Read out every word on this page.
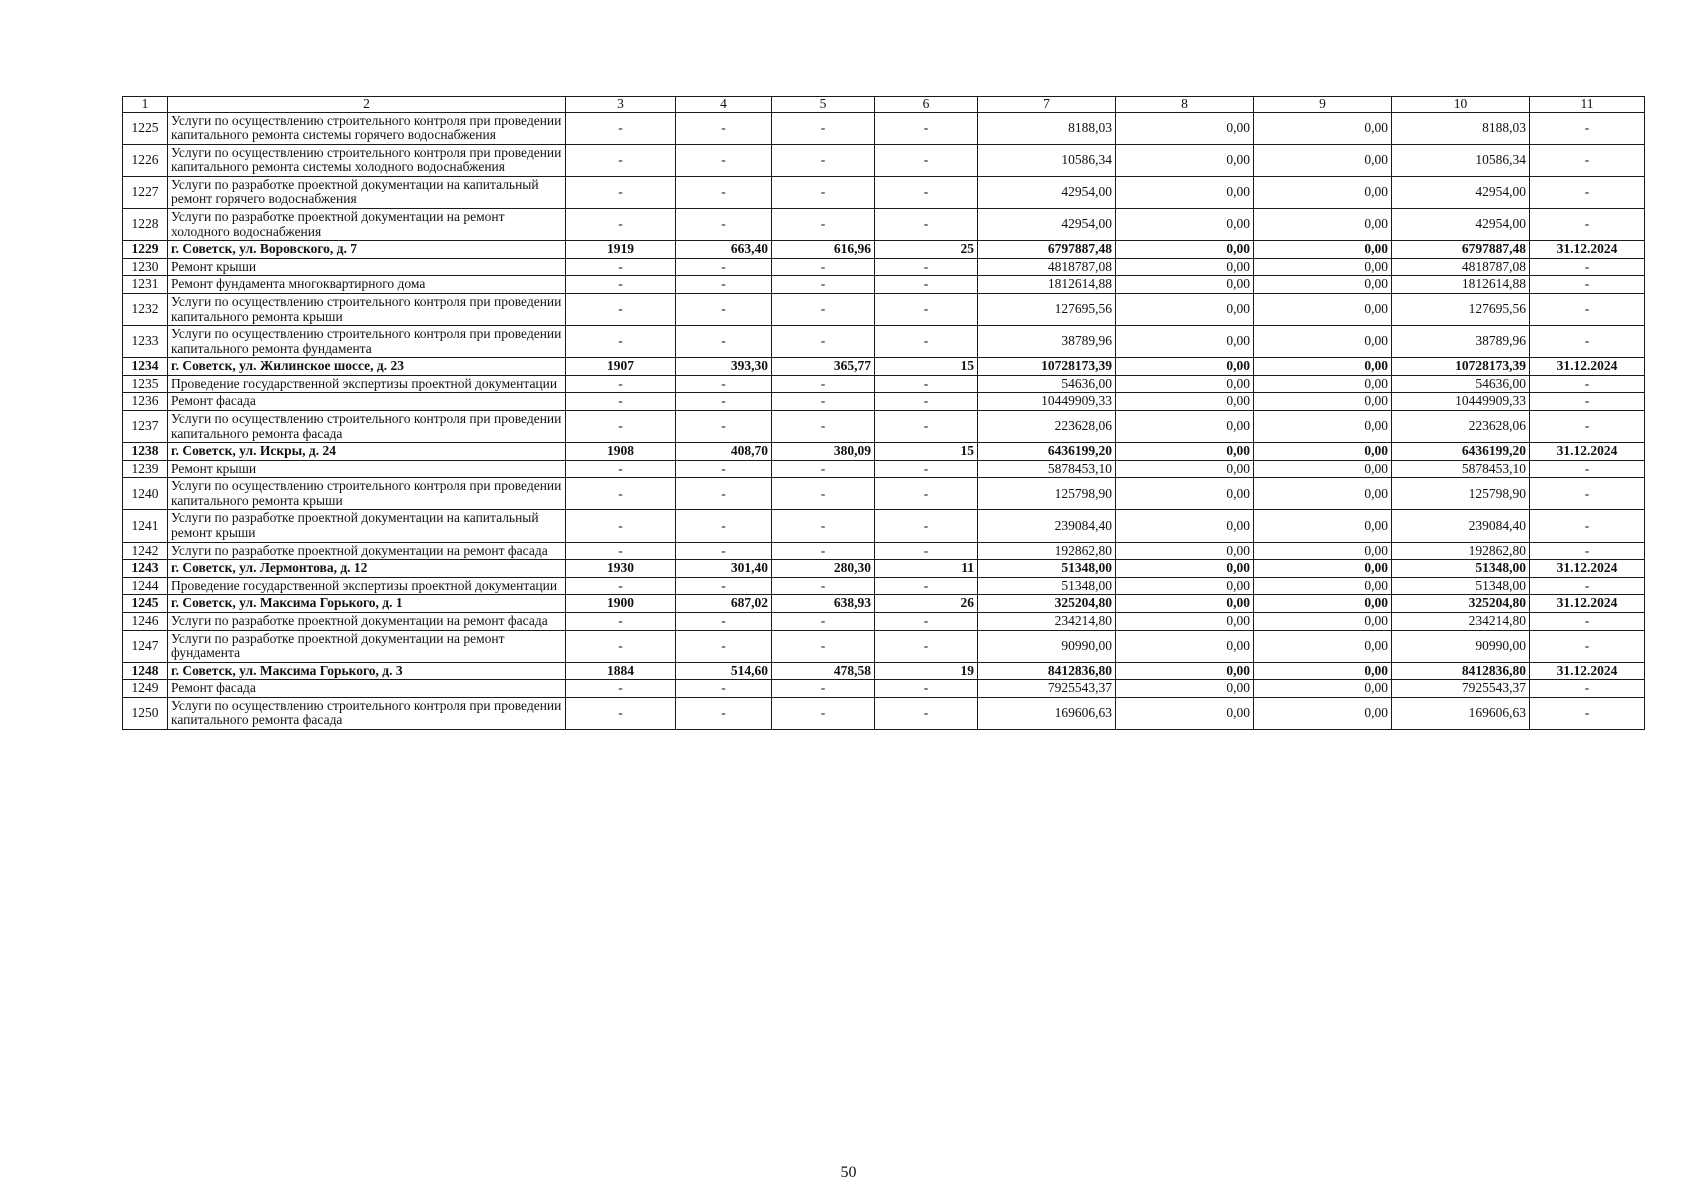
1	2	3	4	5	6	7	8	9	10	11
1225	Услуги по осуществлению строительного контроля при проведении капитального ремонта системы горячего водоснабжения	-	-	-	-	8188,03	0,00	0,00	8188,03	-
1226	Услуги по осуществлению строительного контроля при проведении капитального ремонта системы холодного водоснабжения	-	-	-	-	10586,34	0,00	0,00	10586,34	-
1227	Услуги по разработке проектной документации на капитальный ремонт горячего водоснабжения	-	-	-	-	42954,00	0,00	0,00	42954,00	-
1228	Услуги по разработке проектной документации на ремонт холодного водоснабжения	-	-	-	-	42954,00	0,00	0,00	42954,00	-
1229	г. Советск, ул. Воровского, д. 7	1919	663,40	616,96	25	6797887,48	0,00	0,00	6797887,48	31.12.2024
1230	Ремонт крыши	-	-	-	-	4818787,08	0,00	0,00	4818787,08	-
1231	Ремонт фундамента многоквартирного дома	-	-	-	-	1812614,88	0,00	0,00	1812614,88	-
1232	Услуги по осуществлению строительного контроля при проведении капитального ремонта крыши	-	-	-	-	127695,56	0,00	0,00	127695,56	-
1233	Услуги по осуществлению строительного контроля при проведении капитального ремонта фундамента	-	-	-	-	38789,96	0,00	0,00	38789,96	-
1234	г. Советск, ул. Жилинское шоссе, д. 23	1907	393,30	365,77	15	10728173,39	0,00	0,00	10728173,39	31.12.2024
1235	Проведение государственной экспертизы проектной документации	-	-	-	-	54636,00	0,00	0,00	54636,00	-
1236	Ремонт фасада	-	-	-	-	10449909,33	0,00	0,00	10449909,33	-
1237	Услуги по осуществлению строительного контроля при проведении капитального ремонта фасада	-	-	-	-	223628,06	0,00	0,00	223628,06	-
1238	г. Советск, ул. Искры, д. 24	1908	408,70	380,09	15	6436199,20	0,00	0,00	6436199,20	31.12.2024
1239	Ремонт крыши	-	-	-	-	5878453,10	0,00	0,00	5878453,10	-
1240	Услуги по осуществлению строительного контроля при проведении капитального ремонта крыши	-	-	-	-	125798,90	0,00	0,00	125798,90	-
1241	Услуги по разработке проектной документации на капитальный ремонт крыши	-	-	-	-	239084,40	0,00	0,00	239084,40	-
1242	Услуги по разработке проектной документации на ремонт фасада	-	-	-	-	192862,80	0,00	0,00	192862,80	-
1243	г. Советск, ул. Лермонтова, д. 12	1930	301,40	280,30	11	51348,00	0,00	0,00	51348,00	31.12.2024
1244	Проведение государственной экспертизы проектной документации	-	-	-	-	51348,00	0,00	0,00	51348,00	-
1245	г. Советск, ул. Максима Горького, д. 1	1900	687,02	638,93	26	325204,80	0,00	0,00	325204,80	31.12.2024
1246	Услуги по разработке проектной документации на ремонт фасада	-	-	-	-	234214,80	0,00	0,00	234214,80	-
1247	Услуги по разработке проектной документации на ремонт фундамента	-	-	-	-	90990,00	0,00	0,00	90990,00	-
1248	г. Советск, ул. Максима Горького, д. 3	1884	514,60	478,58	19	8412836,80	0,00	0,00	8412836,80	31.12.2024
1249	Ремонт фасада	-	-	-	-	7925543,37	0,00	0,00	7925543,37	-
1250	Услуги по осуществлению строительного контроля при проведении капитального ремонта фасада	-	-	-	-	169606,63	0,00	0,00	169606,63	-
50
